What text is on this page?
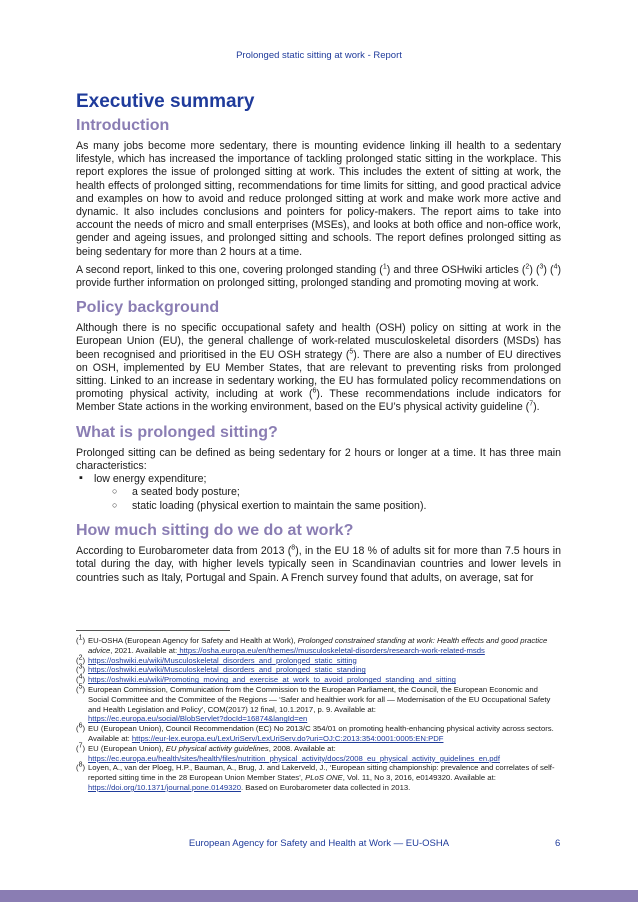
Prolonged static sitting at work - Report
Executive summary
Introduction

As many jobs become more sedentary, there is mounting evidence linking ill health to a sedentary lifestyle, which has increased the importance of tackling prolonged static sitting in the workplace. This report explores the issue of prolonged sitting at work. This includes the extent of sitting at work, the health effects of prolonged sitting, recommendations for time limits for sitting, and good practical advice and examples on how to avoid and reduce prolonged sitting at work and make work more active and dynamic. It also includes conclusions and pointers for policy-makers. The report aims to take into account the needs of micro and small enterprises (MSEs), and looks at both office and non-office work, gender and ageing issues, and prolonged sitting and schools. The report defines prolonged sitting as being sedentary for more than 2 hours at a time.

A second report, linked to this one, covering prolonged standing ($^1$) and three OSHwiki articles ($^2$) ($^3$) ($^4$) provide further information on prolonged sitting, prolonged standing and promoting moving at work.

Policy background

Although there is no specific occupational safety and health (OSH) policy on sitting at work in the European Union (EU), the general challenge of work-related musculoskeletal disorders (MSDs) has been recognised and prioritised in the EU OSH strategy ($^5$). There are also a number of EU directives on OSH, implemented by EU Member States, that are relevant to preventing risks from prolonged sitting. Linked to an increase in sedentary working, the EU has formulated policy recommendations on promoting physical activity, including at work ($^6$). These recommendations include indicators for Member State actions in the working environment, based on the EU’s physical activity guideline ($^7$).

What is prolonged sitting?

Prolonged sitting can be defined as being sedentary for 2 hours or longer at a time. It has three main characteristics:

▪ low energy expenditure;
○ a seated body posture;
○ static loading (physical exertion to maintain the same position).
How much sitting do we do at work?

According to Eurobarometer data from 2013 ($^8$), in the EU 18 % of adults sit for more than 7.5 hours in total during the day, with higher levels typically seen in Scandinavian countries and lower levels in countries such as Italy, Portugal and Spain. A French survey found that adults, on average, sat for

($^1$) EU-OSHA (European Agency for Safety and Health at Work), Prolonged constrained standing at work: Health effects and good practice advice, 2021. Available at: https://osha.europa.eu/en/themes//musculoskeletal-disorders/research-work-related-msds
($^2$) https://oshwiki.eu/wiki/Musculoskeletal_disorders_and_prolonged_static_sitting
($^3$) https://oshwiki.eu/wiki/Musculoskeletal_disorders_and_prolonged_static_standing
($^4$) https://oshwiki.eu/wiki/Promoting_moving_and_exercise_at_work_to_avoid_prolonged_standing_and_sitting
($^5$) European Commission, Communication from the Commission to the European Parliament, the Council, the European Economic and Social Committee and the Committee of the Regions — ‘Safer and healthier work for all — Modernisation of the EU Occupational Safety and Health Legislation and Policy’, COM(2017) 12 final, 10.1.2017, p. 9. Available at:
https://ec.europa.eu/social/BlobServlet?docId=16874&langId=en
($^6$) EU (European Union), Council Recommendation (EC) No 2013/C 354/01 on promoting health-enhancing physical activity across sectors. Available at: https://eur-lex.europa.eu/LexUriServ/LexUriServ.do?uri=OJ:C:2013:354:0001:0005:EN:PDF
($^7$) EU (European Union), EU physical activity guidelines, 2008. Available at:
https://ec.europa.eu/health/sites/health/files/nutrition_physical_activity/docs/2008_eu_physical_activity_guidelines_en.pdf
($^8$) Loyen, A., van der Ploeg, H.P., Bauman, A., Brug, J. and Lakerveld, J., ‘European sitting championship: prevalence and correlates of self-reported sitting time in the 28 European Union Member States’, PLoS ONE, Vol. 11, No 3, 2016, e0149320. Available at: https://doi.org/10.1371/journal.pone.0149320. Based on Eurobarometer data collected in 2013.
European Agency for Safety and Health at Work — EU-OSHA	6
